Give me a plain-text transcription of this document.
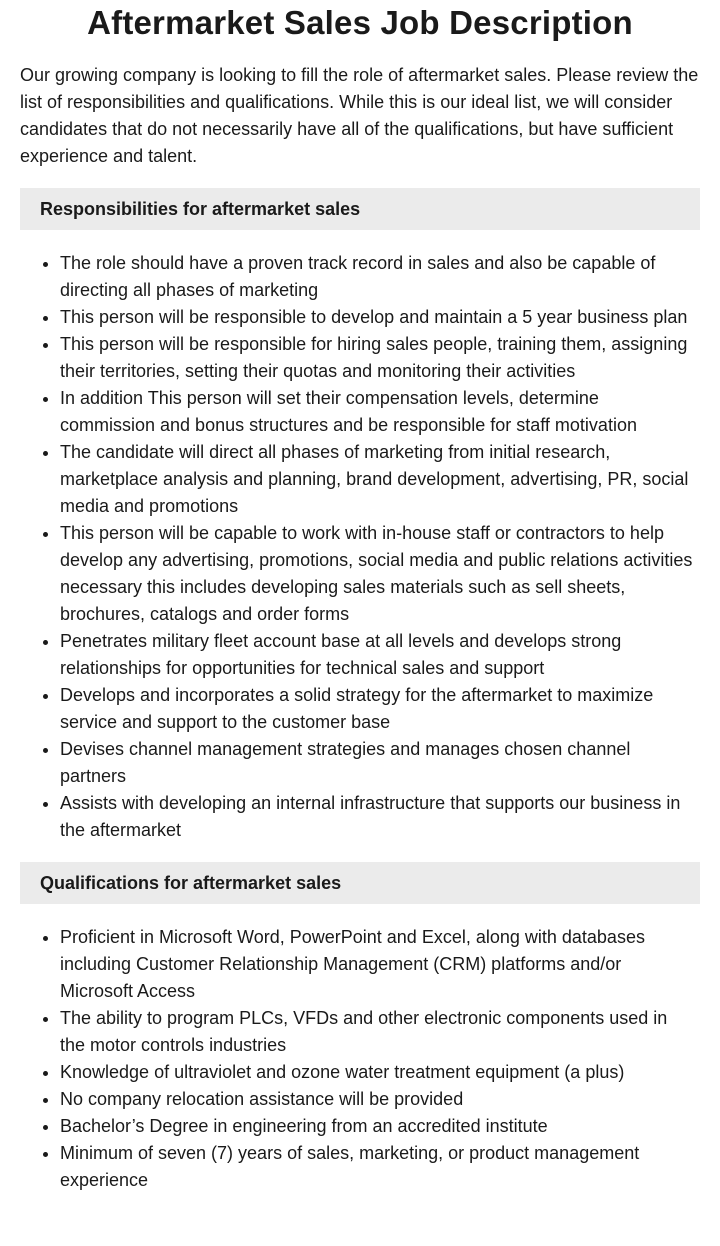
Aftermarket Sales Job Description

Our growing company is looking to fill the role of aftermarket sales. Please review the list of responsibilities and qualifications. While this is our ideal list, we will consider candidates that do not necessarily have all of the qualifications, but have sufficient experience and talent.

Responsibilities for aftermarket sales
• The role should have a proven track record in sales and also be capable of directing all phases of marketing
• This person will be responsible to develop and maintain a 5 year business plan
• This person will be responsible for hiring sales people, training them, assigning their territories, setting their quotas and monitoring their activities
• In addition This person will set their compensation levels, determine commission and bonus structures and be responsible for staff motivation
• The candidate will direct all phases of marketing from initial research, marketplace analysis and planning, brand development, advertising, PR, social media and promotions
• This person will be capable to work with in-house staff or contractors to help develop any advertising, promotions, social media and public relations activities necessary this includes developing sales materials such as sell sheets, brochures, catalogs and order forms
• Penetrates military fleet account base at all levels and develops strong relationships for opportunities for technical sales and support
• Develops and incorporates a solid strategy for the aftermarket to maximize service and support to the customer base
• Devises channel management strategies and manages chosen channel partners
• Assists with developing an internal infrastructure that supports our business in the aftermarket
Qualifications for aftermarket sales
• Proficient in Microsoft Word, PowerPoint and Excel, along with databases including Customer Relationship Management (CRM) platforms and/or Microsoft Access
• The ability to program PLCs, VFDs and other electronic components used in the motor controls industries
• Knowledge of ultraviolet and ozone water treatment equipment (a plus)
• No company relocation assistance will be provided
• Bachelor’s Degree in engineering from an accredited institute
• Minimum of seven (7) years of sales, marketing, or product management experience
